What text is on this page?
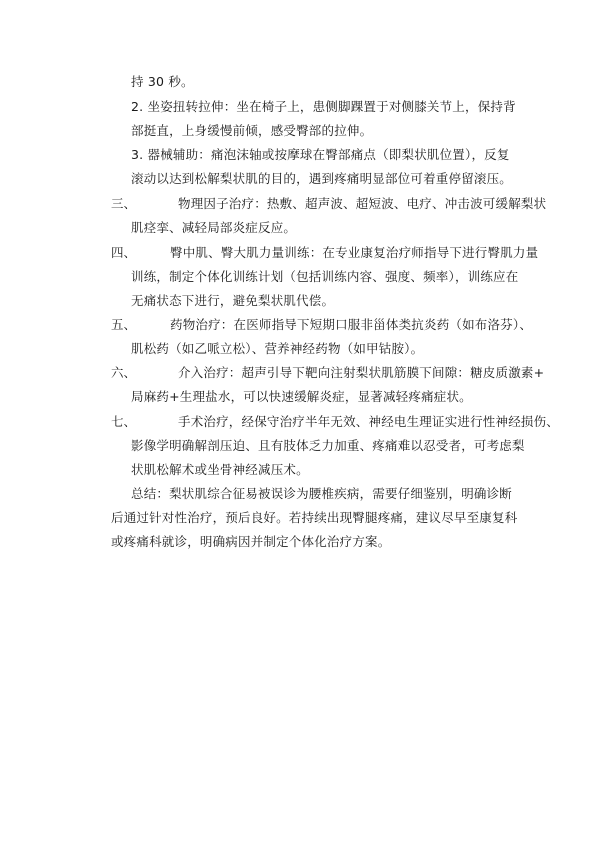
持 30 秒。
2. 坐姿扭转拉伸：坐在椅子上，患侧脚踝置于对侧膝关节上，保持背
部挺直，上身缓慢前倾，感受臀部的拉伸。
3. 器械辅助：痛泡沫轴或按摩球在臀部痛点（即梨状肌位置），反复
滚动以达到松解梨状肌的目的，遇到疼痛明显部位可着重停留滚压。
三、	物理因子治疗：热敷、超声波、超短波、电疗、冲击波可缓解梨状
肌痉挛、减轻局部炎症反应。
四、	臀中肌、臀大肌力量训练：在专业康复治疗师指导下进行臀肌力量
训练，制定个体化训练计划（包括训练内容、强度、频率），训练应在
无痛状态下进行，避免梨状肌代偿。
五、	药物治疗：在医师指导下短期口服非甾体类抗炎药（如布洛芬）、
肌松药（如乙哌立松）、营养神经药物（如甲钴胺）。
六、	介入治疗：超声引导下靶向注射梨状肌筋膜下间隙：糖皮质激素+
局麻药+生理盐水，可以快速缓解炎症，显著减轻疼痛症状。
七、	手术治疗，经保守治疗半年无效、神经电生理证实进行性神经损伤、
影像学明确解剖压迫、且有肢体乏力加重、疼痛难以忍受者，可考虑梨
状肌松解术或坐骨神经减压术。
总结：梨状肌综合征易被误诊为腰椎疾病，需要仔细鉴别，明确诊断
后通过针对性治疗，预后良好。若持续出现臀腿疼痛，建议尽早至康复科
或疼痛科就诊，明确病因并制定个体化治疗方案。
